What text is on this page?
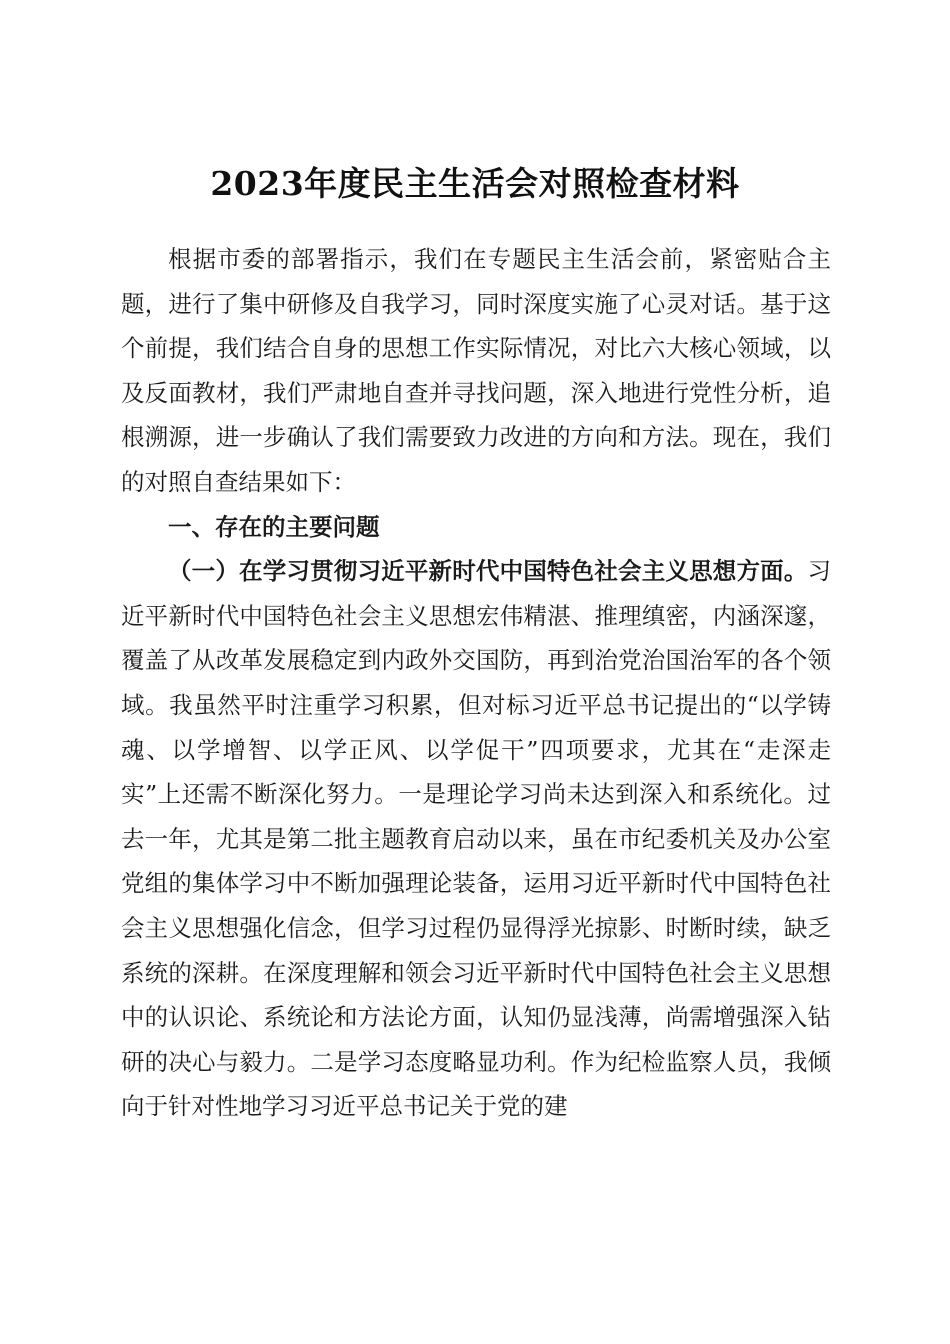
2023年度民主生活会对照检查材料

根据市委的部署指示，我们在专题民主生活会前，紧密贴合主题，进行了集中研修及自我学习，同时深度实施了心灵对话。基于这个前提，我们结合自身的思想工作实际情况，对比六大核心领域，以及反面教材，我们严肃地自查并寻找问题，深入地进行党性分析，追根溯源，进一步确认了我们需要致力改进的方向和方法。现在，我们的对照自查结果如下：

一、存在的主要问题

（一）在学习贯彻习近平新时代中国特色社会主义思想方面。习近平新时代中国特色社会主义思想宏伟精湛、推理缜密，内涵深邃，覆盖了从改革发展稳定到内政外交国防，再到治党治国治军的各个领域。我虽然平时注重学习积累，但对标习近平总书记提出的“以学铸魂、以学增智、以学正风、以学促干”四项要求，尤其在“走深走实”上还需不断深化努力。一是理论学习尚未达到深入和系统化。过去一年，尤其是第二批主题教育启动以来，虽在市纪委机关及办公室党组的集体学习中不断加强理论装备，运用习近平新时代中国特色社会主义思想强化信念，但学习过程仍显得浮光掠影、时断时续，缺乏系统的深耕。在深度理解和领会习近平新时代中国特色社会主义思想中的认识论、系统论和方法论方面，认知仍显浅薄，尚需增强深入钻研的决心与毅力。二是学习态度略显功利。作为纪检监察人员，我倾向于针对性地学习习近平总书记关于党的建
